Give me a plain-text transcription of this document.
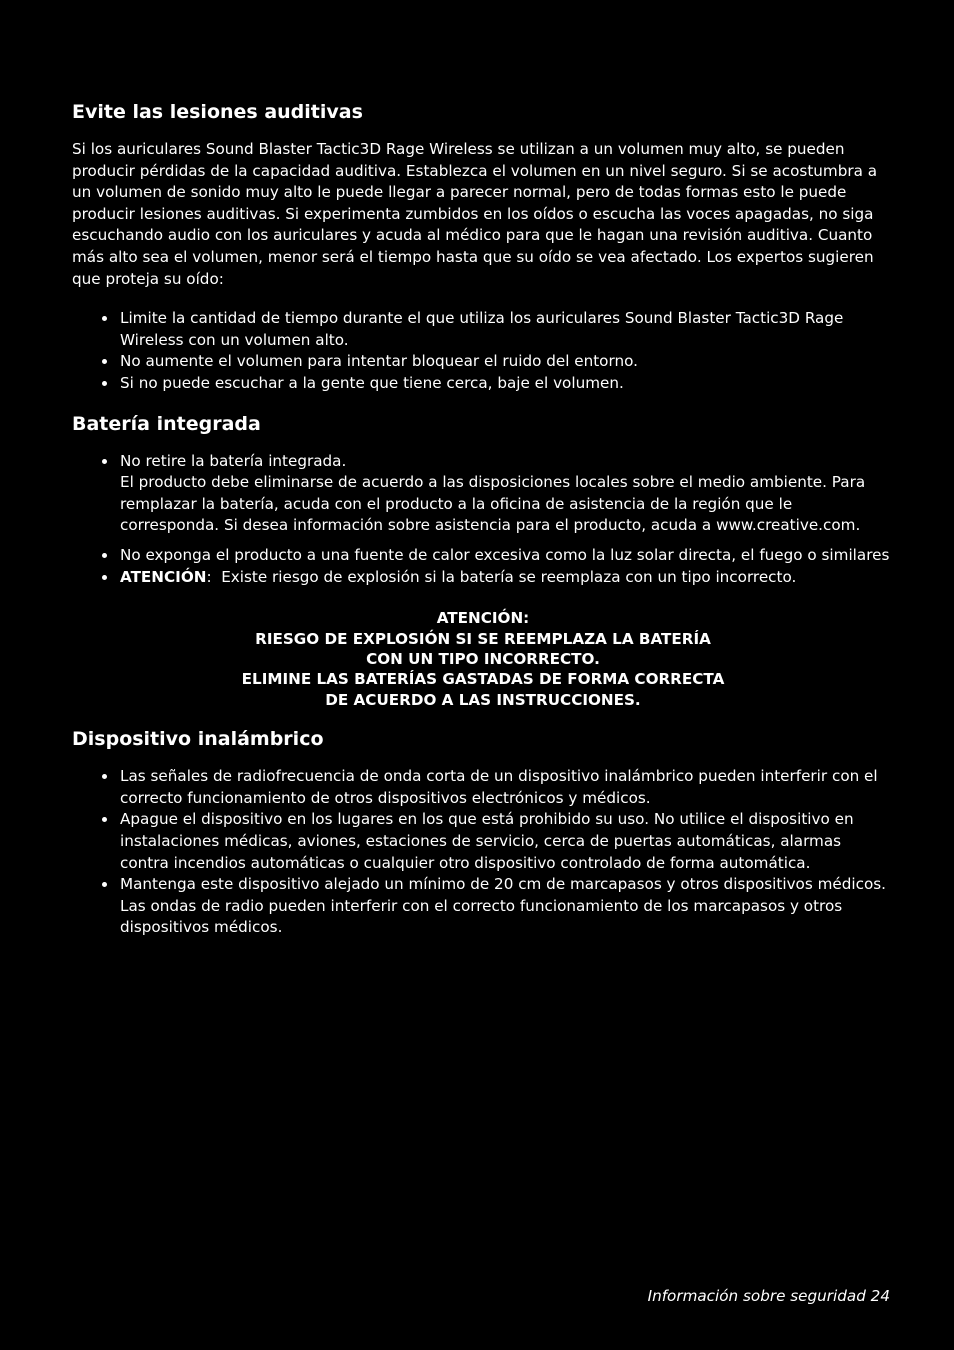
Evite las lesiones auditivas

Si los auriculares Sound Blaster Tactic3D Rage Wireless se utilizan a un volumen muy alto, se pueden producir pérdidas de la capacidad auditiva. Establezca el volumen en un nivel seguro. Si se acostumbra a un volumen de sonido muy alto le puede llegar a parecer normal, pero de todas formas esto le puede producir lesiones auditivas. Si experimenta zumbidos en los oídos o escucha las voces apagadas, no siga escuchando audio con los auriculares y acuda al médico para que le hagan una revisión auditiva. Cuanto más alto sea el volumen, menor será el tiempo hasta que su oído se vea afectado. Los expertos sugieren que proteja su oído:

Limite la cantidad de tiempo durante el que utiliza los auriculares Sound Blaster Tactic3D Rage Wireless con un volumen alto.
No aumente el volumen para intentar bloquear el ruido del entorno.
Si no puede escuchar a la gente que tiene cerca, baje el volumen.
Batería integrada
No retire la batería integrada.
El producto debe eliminarse de acuerdo a las disposiciones locales sobre el medio ambiente. Para remplazar la batería, acuda con el producto a la oficina de asistencia de la región que le corresponda. Si desea información sobre asistencia para el producto, acuda a www.creative.com.
No exponga el producto a una fuente de calor excesiva como la luz solar directa, el fuego o similares
ATENCIÓN:  Existe riesgo de explosión si la batería se reemplaza con un tipo incorrecto.
ATENCIÓN:
RIESGO DE EXPLOSIÓN SI SE REEMPLAZA LA BATERÍA
CON UN TIPO INCORRECTO.
ELIMINE LAS BATERÍAS GASTADAS DE FORMA CORRECTA
DE ACUERDO A LAS INSTRUCCIONES.
Dispositivo inalámbrico
Las señales de radiofrecuencia de onda corta de un dispositivo inalámbrico pueden interferir con el correcto funcionamiento de otros dispositivos electrónicos y médicos.
Apague el dispositivo en los lugares en los que está prohibido su uso. No utilice el dispositivo en instalaciones médicas, aviones, estaciones de servicio, cerca de puertas automáticas, alarmas contra incendios automáticas o cualquier otro dispositivo controlado de forma automática.
Mantenga este dispositivo alejado un mínimo de 20 cm de marcapasos y otros dispositivos médicos. Las ondas de radio pueden interferir con el correcto funcionamiento de los marcapasos y otros dispositivos médicos.
Información sobre seguridad 24
